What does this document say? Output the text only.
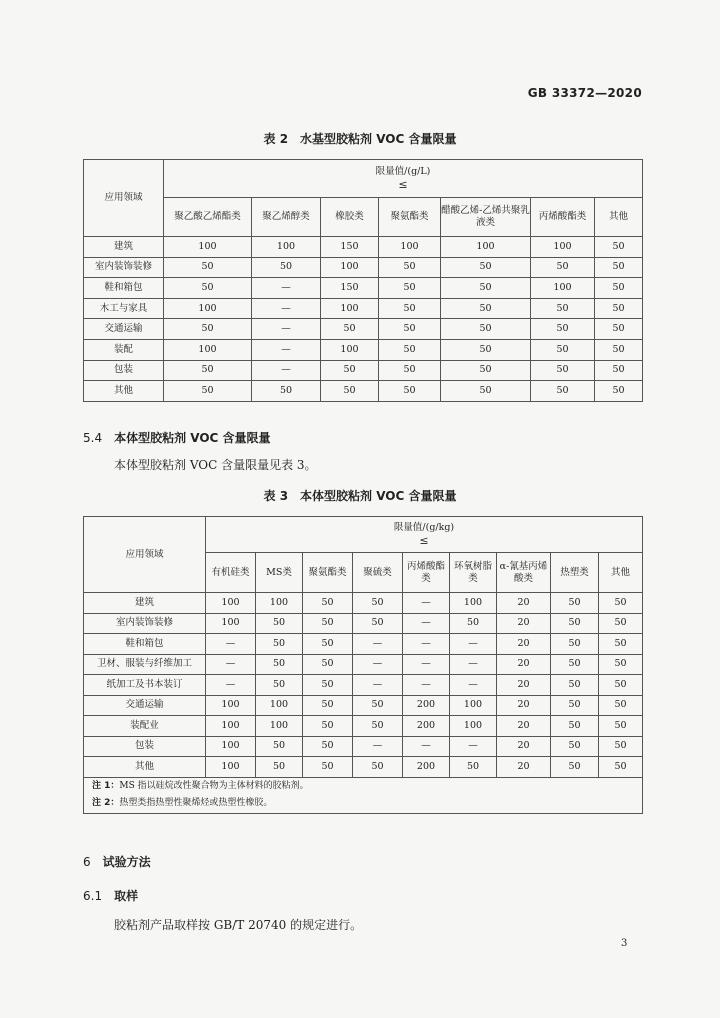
GB 33372—2020
表 2　水基型胶粘剂 VOC 含量限量
应用领域	限量值/(g/L)
≤						

	聚乙酸乙烯酯类	聚乙烯醇类	橡胶类	聚氨酯类	醋酸乙烯-乙烯共聚乳液类	丙烯酸酯类	其他
建筑	100	100	150	100	100	100	50
室内装饰装修	50	50	100	50	50	50	50
鞋和箱包	50	—	150	50	50	100	50
木工与家具	100	—	100	50	50	50	50
交通运输	50	—	50	50	50	50	50
装配	100	—	100	50	50	50	50
包装	50	—	50	50	50	50	50
其他	50	50	50	50	50	50	50
5.4 本体型胶粘剂 VOC 含量限量
本体型胶粘剂 VOC 含量限量见表 3。
表 3　本体型胶粘剂 VOC 含量限量
应用领域	限量值/(g/kg)
≤								

	有机硅类	MS类	聚氨酯类	聚硫类	丙烯酸酯类	环氧树脂类	α-氰基丙烯酸类	热塑类	其他
建筑	100	100	50	50	—	100	20	50	50
室内装饰装修	100	50	50	50	—	50	20	50	50
鞋和箱包	—	50	50	—	—	—	20	50	50
卫材、服装与纤维加工	—	50	50	—	—	—	20	50	50
纸加工及书本装订	—	50	50	—	—	—	20	50	50
交通运输	100	100	50	50	200	100	20	50	50
装配业	100	100	50	50	200	100	20	50	50
包装	100	50	50	—	—	—	20	50	50
其他	100	50	50	50	200	50	20	50	50

注 1：MS 指以硅烷改性聚合物为主体材料的胶粘剂。
注 2：热塑类指热塑性聚烯烃或热塑性橡胶。									
6 试验方法
6.1 取样
胶粘剂产品取样按 GB/T 20740 的规定进行。
3
